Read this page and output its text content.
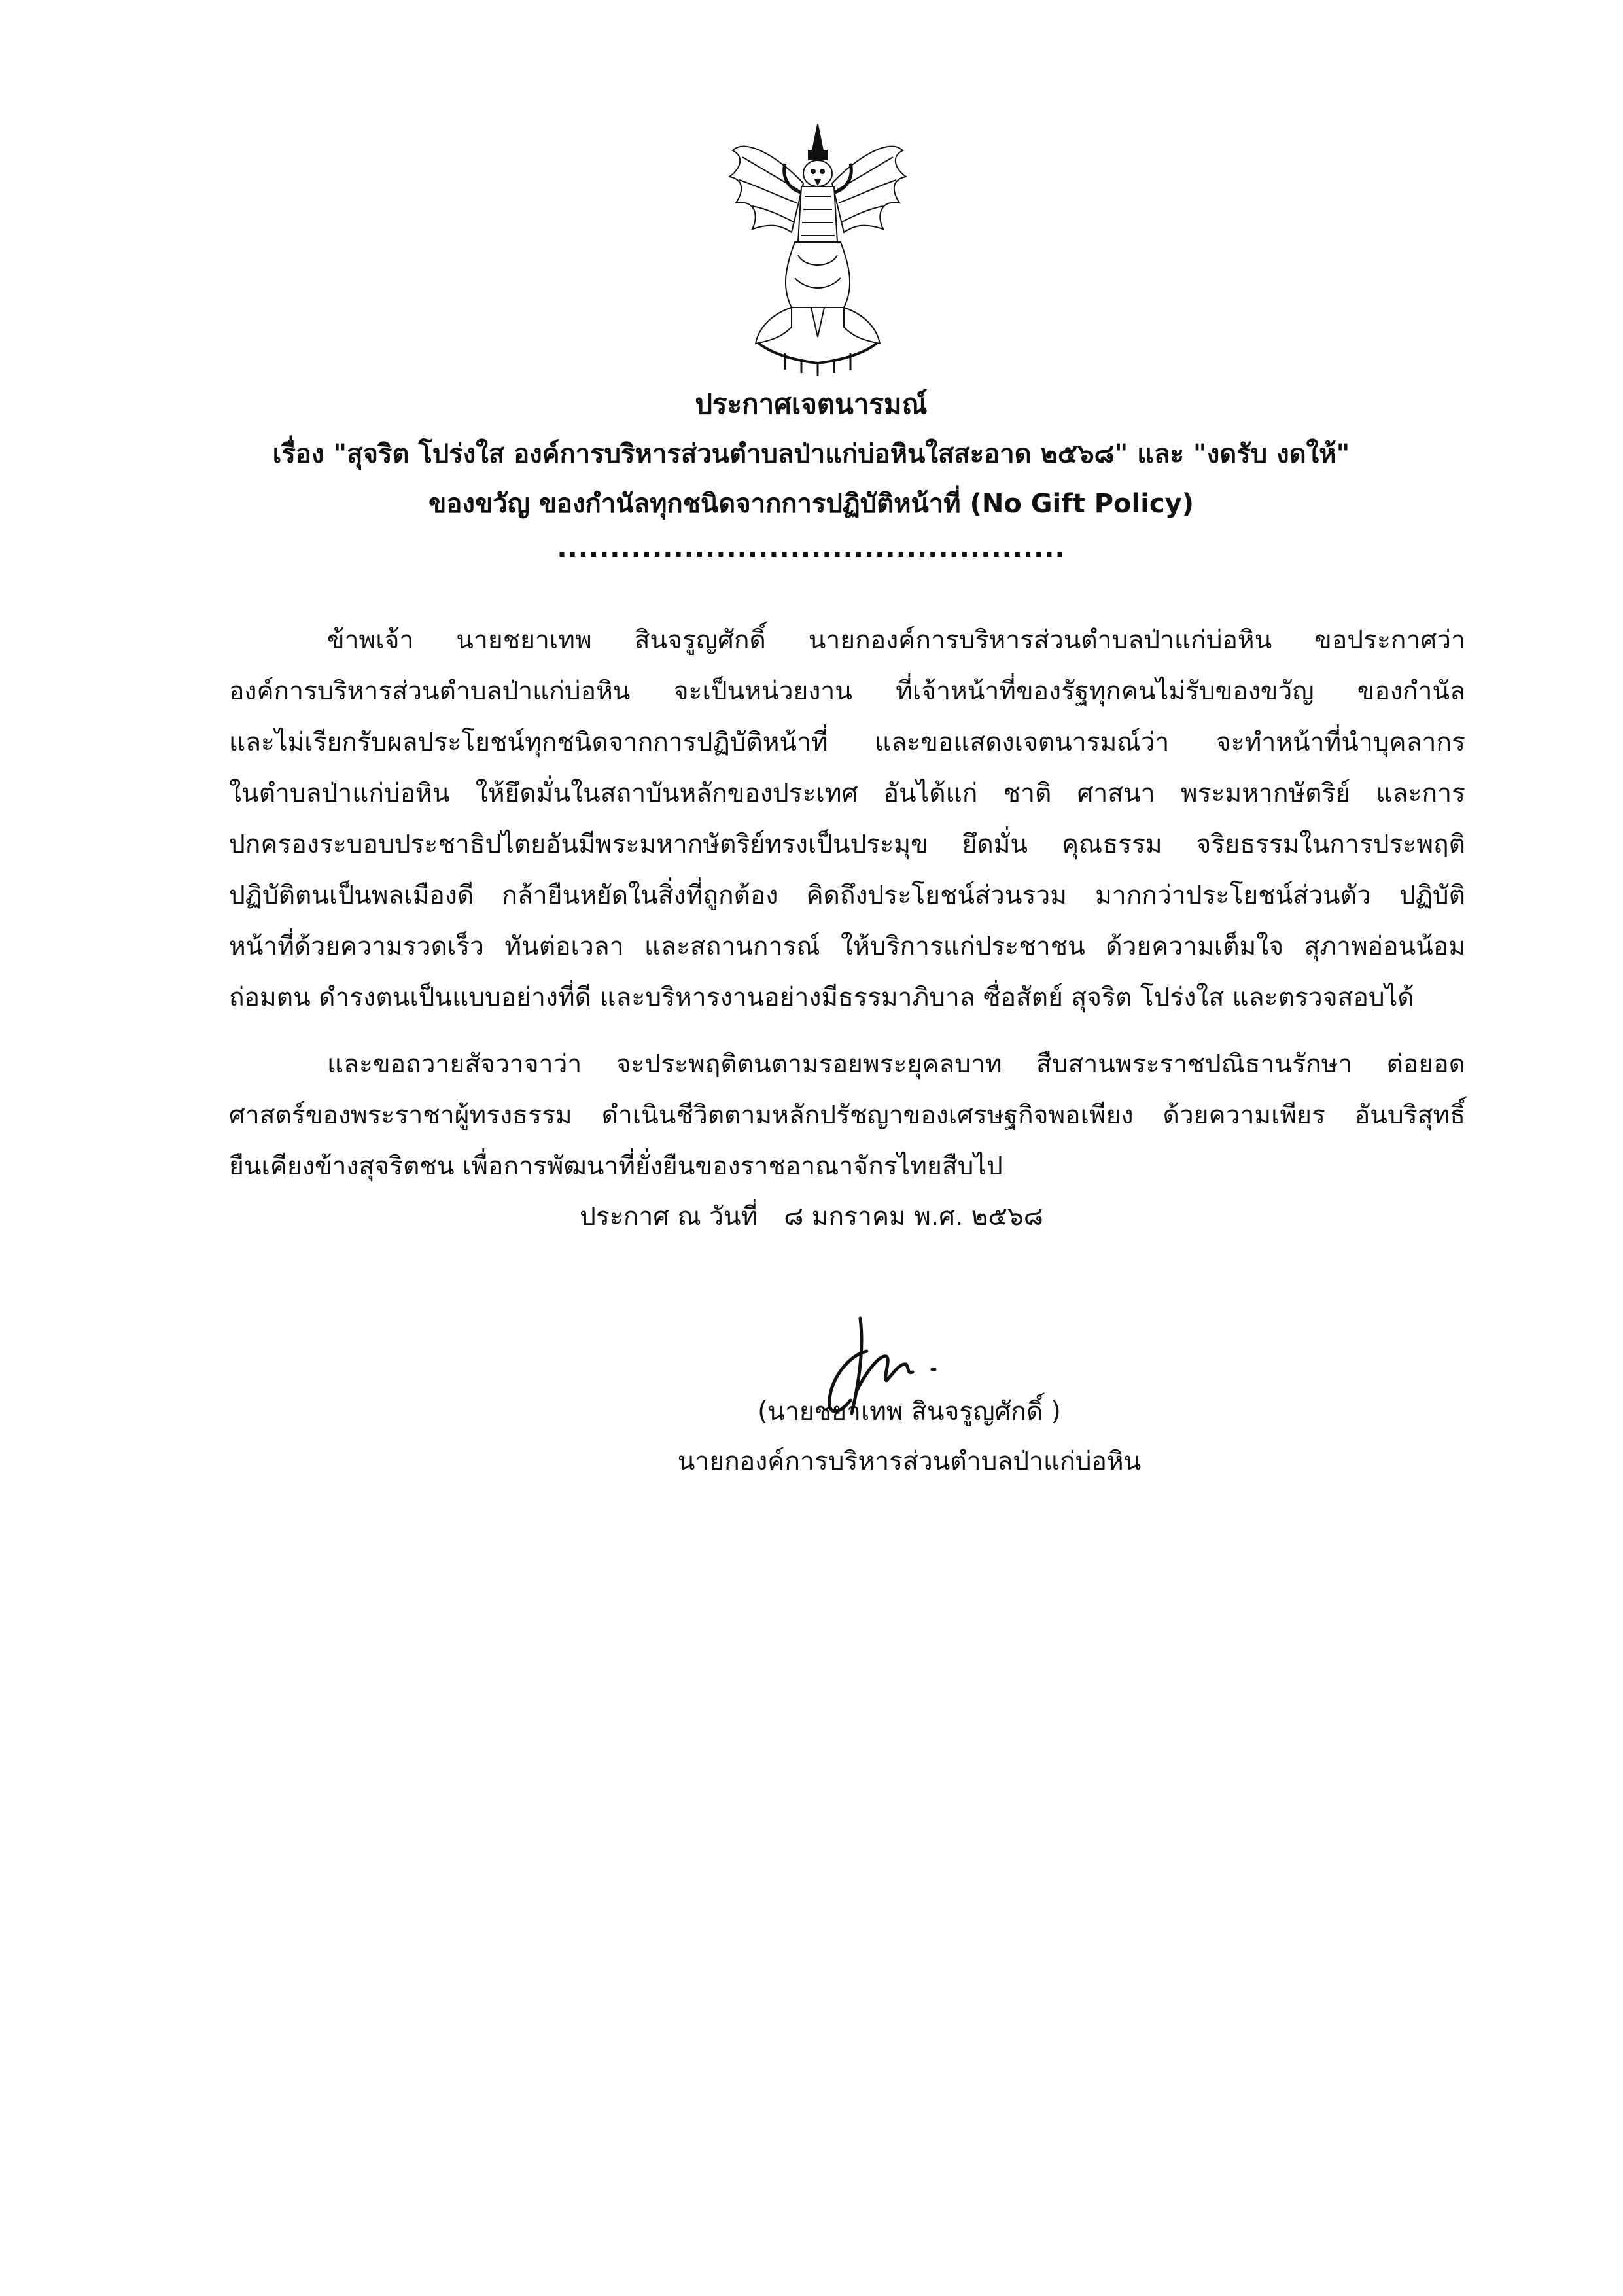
ประกาศเจตนารมณ์
เรื่อง "สุจริต โปร่งใส องค์การบริหารส่วนตำบลป่าแก่บ่อหินใสสะอาด ๒๕๖๘" และ "งดรับ งดให้"
ของขวัญ ของกำนัลทุกชนิดจากการปฏิบัติหน้าที่ (No Gift Policy)
................................................
ข้าพเจ้า นายชยาเทพ สินจรูญศักดิ์ นายกองค์การบริหารส่วนตำบลป่าแก่บ่อหิน ขอประกาศว่า
องค์การบริหารส่วนตำบลป่าแก่บ่อหิน จะเป็นหน่วยงาน ที่เจ้าหน้าที่ของรัฐทุกคนไม่รับของขวัญ ของกำนัล
และไม่เรียกรับผลประโยชน์ทุกชนิดจากการปฏิบัติหน้าที่ และขอแสดงเจตนารมณ์ว่า จะทำหน้าที่นำบุคลากร
ในตำบลป่าแก่บ่อหิน ให้ยึดมั่นในสถาบันหลักของประเทศ อันได้แก่ ชาติ ศาสนา พระมหากษัตริย์ และการ
ปกครองระบอบประชาธิปไตยอันมีพระมหากษัตริย์ทรงเป็นประมุข ยึดมั่น คุณธรรม จริยธรรมในการประพฤติ
ปฏิบัติตนเป็นพลเมืองดี กล้ายืนหยัดในสิ่งที่ถูกต้อง คิดถึงประโยชน์ส่วนรวม มากกว่าประโยชน์ส่วนตัว ปฏิบัติ
หน้าที่ด้วยความรวดเร็ว ทันต่อเวลา และสถานการณ์ ให้บริการแก่ประชาชน ด้วยความเต็มใจ สุภาพอ่อนน้อม
ถ่อมตน ดำรงตนเป็นแบบอย่างที่ดี และบริหารงานอย่างมีธรรมาภิบาล ซื่อสัตย์ สุจริต โปร่งใส และตรวจสอบได้
และขอถวายสัจวาจาว่า จะประพฤติตนตามรอยพระยุคลบาท สืบสานพระราชปณิธานรักษา ต่อยอด
ศาสตร์ของพระราชาผู้ทรงธรรม ดำเนินชีวิตตามหลักปรัชญาของเศรษฐกิจพอเพียง ด้วยความเพียร อันบริสุทธิ์
ยืนเคียงข้างสุจริตชน เพื่อการพัฒนาที่ยั่งยืนของราชอาณาจักรไทยสืบไป
ประกาศ ณ วันที่ ๘ มกราคม พ.ศ. ๒๕๖๘
(นายชยาเทพ สินจรูญศักดิ์ )
นายกองค์การบริหารส่วนตำบลป่าแก่บ่อหิน
